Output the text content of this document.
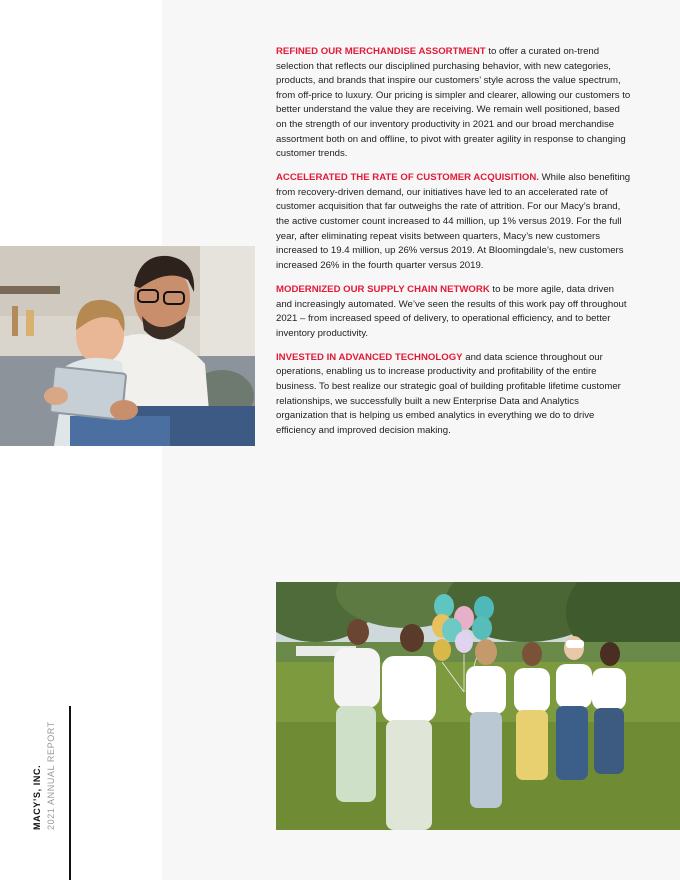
REFINED OUR MERCHANDISE ASSORTMENT to offer a curated on-trend selection that reflects our disciplined purchasing behavior, with new categories, products, and brands that inspire our customers’ style across the value spectrum, from off-price to luxury. Our pricing is simpler and clearer, allowing our customers to better understand the value they are receiving. We remain well positioned, based on the strength of our inventory productivity in 2021 and our broad merchandise assortment both on and offline, to pivot with greater agility in response to changing customer trends.

ACCELERATED THE RATE OF CUSTOMER ACQUISITION. While also benefiting from recovery-driven demand, our initiatives have led to an accelerated rate of customer acquisition that far outweighs the rate of attrition. For our Macy’s brand, the active customer count increased to 44 million, up 1% versus 2019. For the full year, after eliminating repeat visits between quarters, Macy’s new customers increased to 19.4 million, up 26% versus 2019. At Bloomingdale’s, new customers increased 26% in the fourth quarter versus 2019.

MODERNIZED OUR SUPPLY CHAIN NETWORK to be more agile, data driven and increasingly automated. We’ve seen the results of this work pay off throughout 2021 – from increased speed of delivery, to operational efficiency, and to better inventory productivity.

INVESTED IN ADVANCED TECHNOLOGY and data science throughout our operations, enabling us to increase productivity and profitability of the entire business. To best realize our strategic goal of building profitable lifetime customer relationships, we successfully built a new Enterprise Data and Analytics organization that is helping us embed analytics in everything we do to drive efficiency and improved decision making.

MACY’S, INC. 2021 ANNUAL REPORT
